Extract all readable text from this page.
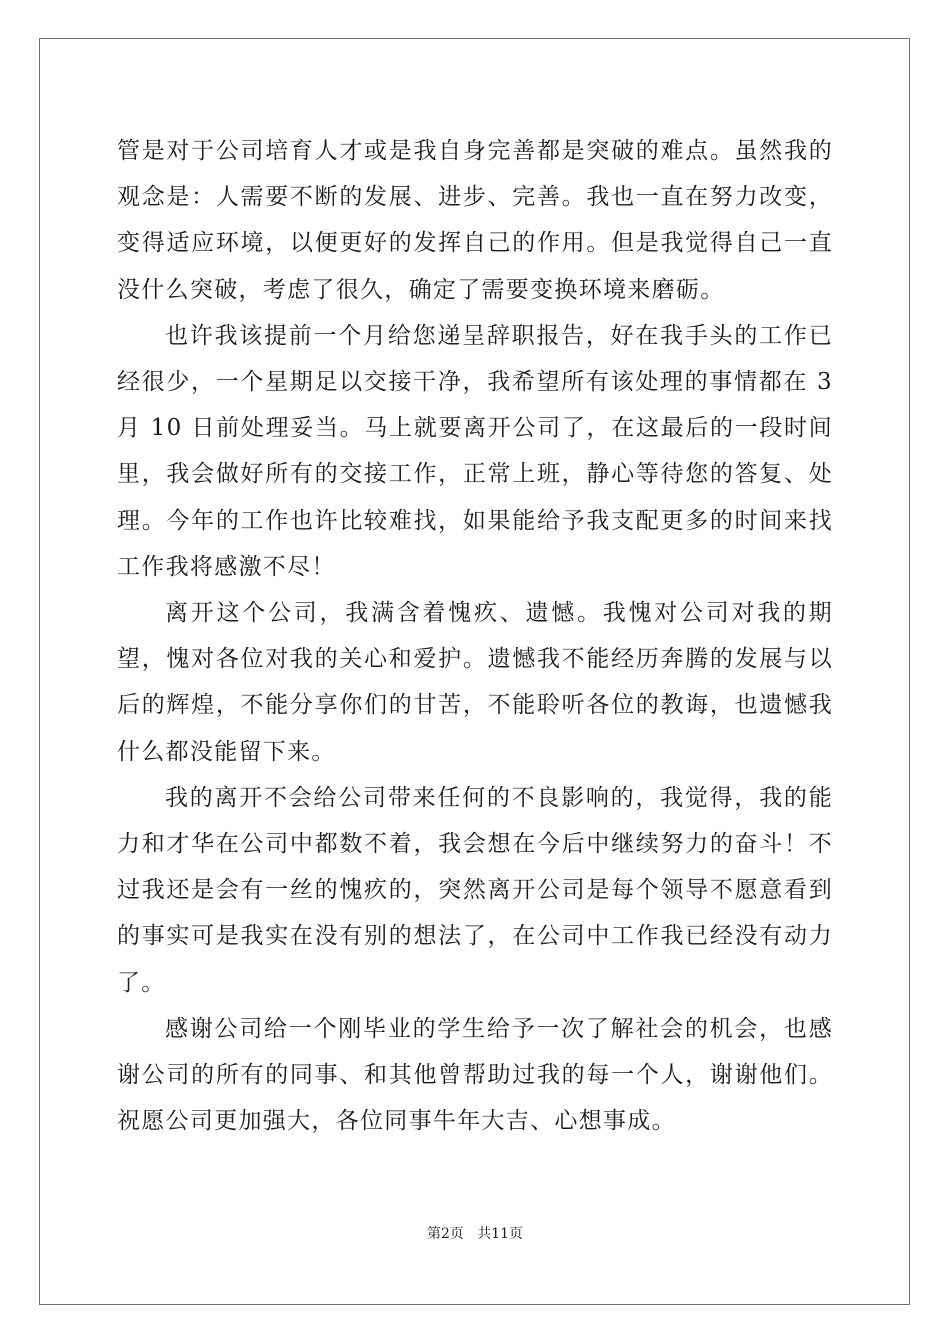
管是对于公司培育人才或是我自身完善都是突破的难点。虽然我的观念是：人需要不断的发展、进步、完善。我也一直在努力改变，变得适应环境，以便更好的发挥自己的作用。但是我觉得自己一直没什么突破，考虑了很久，确定了需要变换环境来磨砺。

也许我该提前一个月给您递呈辞职报告，好在我手头的工作已经很少，一个星期足以交接干净，我希望所有该处理的事情都在 3 月 10 日前处理妥当。马上就要离开公司了，在这最后的一段时间里，我会做好所有的交接工作，正常上班，静心等待您的答复、处理。今年的工作也许比较难找，如果能给予我支配更多的时间来找工作我将感激不尽！

离开这个公司，我满含着愧疚、遗憾。我愧对公司对我的期望，愧对各位对我的关心和爱护。遗憾我不能经历奔腾的发展与以后的辉煌，不能分享你们的甘苦，不能聆听各位的教诲，也遗憾我什么都没能留下来。

我的离开不会给公司带来任何的不良影响的，我觉得，我的能力和才华在公司中都数不着，我会想在今后中继续努力的奋斗！不过我还是会有一丝的愧疚的，突然离开公司是每个领导不愿意看到的事实可是我实在没有别的想法了，在公司中工作我已经没有动力了。

感谢公司给一个刚毕业的学生给予一次了解社会的机会，也感谢公司的所有的同事、和其他曾帮助过我的每一个人，谢谢他们。祝愿公司更加强大，各位同事牛年大吉、心想事成。

第2页   共11页
